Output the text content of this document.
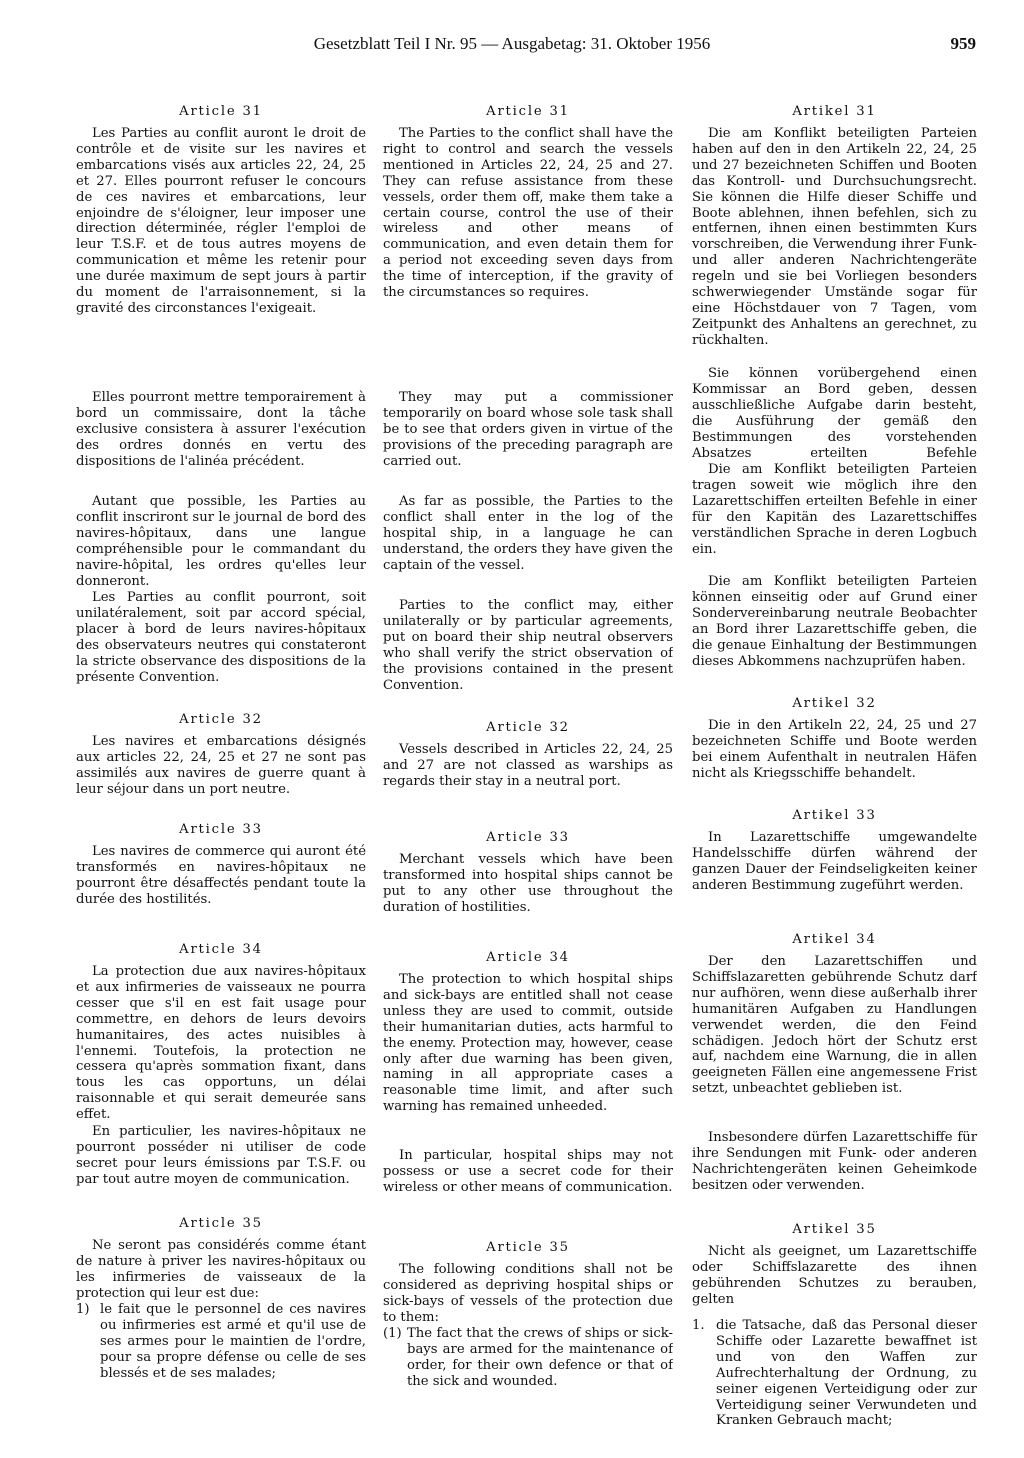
Gesetzblatt Teil I Nr. 95 — Ausgabetag: 31. Oktober 1956	959
Article 31
Les Parties au conflit auront le droit de contrôle et de visite sur les navires et embarcations visés aux articles 22, 24, 25 et 27. Elles pourront refuser le concours de ces navires et embarcations, leur enjoindre de s'éloigner, leur imposer une direction déterminée, régler l'emploi de leur T.S.F. et de tous autres moyens de communication et même les retenir pour une durée maximum de sept jours à partir du moment de l'arraisonnement, si la gravité des circonstances l'exigeait.
Elles pourront mettre temporairement à bord un commissaire, dont la tâche exclusive consistera à assurer l'exécution des ordres donnés en vertu des dispositions de l'alinéa précédent.
Autant que possible, les Parties au conflit inscriront sur le journal de bord des navires-hôpitaux, dans une langue compréhensible pour le commandant du navire-hôpital, les ordres qu'elles leur donneront.
Les Parties au conflit pourront, soit unilatéralement, soit par accord spécial, placer à bord de leurs navires-hôpitaux des observateurs neutres qui constateront la stricte observance des dispositions de la présente Convention.
Article 32
Les navires et embarcations désignés aux articles 22, 24, 25 et 27 ne sont pas assimilés aux navires de guerre quant à leur séjour dans un port neutre.
Article 33
Les navires de commerce qui auront été transformés en navires-hôpitaux ne pourront être désaffectés pendant toute la durée des hostilités.
Article 34
La protection due aux navires-hôpitaux et aux infirmeries de vaisseaux ne pourra cesser que s'il en est fait usage pour commettre, en dehors de leurs devoirs humanitaires, des actes nuisibles à l'ennemi. Toutefois, la protection ne cessera qu'après sommation fixant, dans tous les cas opportuns, un délai raisonnable et qui serait demeurée sans effet.
En particulier, les navires-hôpitaux ne pourront posséder ni utiliser de code secret pour leurs émissions par T.S.F. ou par tout autre moyen de communication.
Article 35
Ne seront pas considérés comme étant de nature à priver les navires-hôpitaux ou les infirmeries de vaisseaux de la protection qui leur est due:
1) le fait que le personnel de ces navires ou infirmeries est armé et qu'il use de ses armes pour le maintien de l'ordre, pour sa propre défense ou celle de ses blessés et de ses malades;
Article 31
The Parties to the conflict shall have the right to control and search the vessels mentioned in Articles 22, 24, 25 and 27. They can refuse assistance from these vessels, order them off, make them take a certain course, control the use of their wireless and other means of communication, and even detain them for a period not exceeding seven days from the time of interception, if the gravity of the circumstances so requires.
They may put a commissioner temporarily on board whose sole task shall be to see that orders given in virtue of the provisions of the preceding paragraph are carried out.
As far as possible, the Parties to the conflict shall enter in the log of the hospital ship, in a language he can understand, the orders they have given the captain of the vessel.
Parties to the conflict may, either unilaterally or by particular agreements, put on board their ship neutral observers who shall verify the strict observation of the provisions contained in the present Convention.
Article 32
Vessels described in Articles 22, 24, 25 and 27 are not classed as warships as regards their stay in a neutral port.
Article 33
Merchant vessels which have been transformed into hospital ships cannot be put to any other use throughout the duration of hostilities.
Article 34
The protection to which hospital ships and sick-bays are entitled shall not cease unless they are used to commit, outside their humanitarian duties, acts harmful to the enemy. Protection may, however, cease only after due warning has been given, naming in all appropriate cases a reasonable time limit, and after such warning has remained unheeded.
In particular, hospital ships may not possess or use a secret code for their wireless or other means of communication.
Article 35
The following conditions shall not be considered as depriving hospital ships or sick-bays of vessels of the protection due to them:
(1) The fact that the crews of ships or sick-bays are armed for the maintenance of order, for their own defence or that of the sick and wounded.
Artikel 31
Die am Konflikt beteiligten Parteien haben auf den in den Artikeln 22, 24, 25 und 27 bezeichneten Schiffen und Booten das Kontroll- und Durchsuchungsrecht. Sie können die Hilfe dieser Schiffe und Boote ablehnen, ihnen befehlen, sich zu entfernen, ihnen einen bestimmten Kurs vorschreiben, die Verwendung ihrer Funk- und aller anderen Nachrichtengeräte regeln und sie bei Vorliegen besonders schwerwiegender Umstände sogar für eine Höchstdauer von 7 Tagen, vom Zeitpunkt des Anhaltens an gerechnet, zu rückhalten.
Sie können vorübergehend einen Kommissar an Bord geben, dessen ausschließliche Aufgabe darin besteht, die Ausführung der gemäß den Bestimmungen des vorstehenden Absatzes erteilten Befehle
Die am Konflikt beteiligten Parteien tragen soweit wie möglich ihre den Lazarettschiffen erteilten Befehle in einer für den Kapitän des Lazarettschiffes verständlichen Sprache in deren Logbuch ein.
Die am Konflikt beteiligten Parteien können einseitig oder auf Grund einer Sondervereinbarung neutrale Beobachter an Bord ihrer Lazarettschiffe geben, die die genaue Einhaltung der Bestimmungen dieses Abkommens nachzuprüfen haben.
Artikel 32
Die in den Artikeln 22, 24, 25 und 27 bezeichneten Schiffe und Boote werden bei einem Aufenthalt in neutralen Häfen nicht als Kriegsschiffe behandelt.
Artikel 33
In Lazarettschiffe umgewandelte Handelsschiffe dürfen während der ganzen Dauer der Feindseligkeiten keiner anderen Bestimmung zugeführt werden.
Artikel 34
Der den Lazarettschiffen und Schiffslazaretten gebührende Schutz darf nur aufhören, wenn diese außerhalb ihrer humanitären Aufgaben zu Handlungen verwendet werden, die den Feind schädigen. Jedoch hört der Schutz erst auf, nachdem eine Warnung, die in allen geeigneten Fällen eine angemessene Frist setzt, unbeachtet geblieben ist.
Insbesondere dürfen Lazarettschiffe für ihre Sendungen mit Funk- oder anderen Nachrichtengeräten keinen Geheimkode besitzen oder verwenden.
Artikel 35
Nicht als geeignet, um Lazarettschiffe oder Schiffslazarette des ihnen gebührenden Schutzes zu berauben, gelten
1. die Tatsache, daß das Personal dieser Schiffe oder Lazarette bewaffnet ist und von den Waffen zur Aufrechterhaltung der Ordnung, zu seiner eigenen Verteidigung oder zur Verteidigung seiner Verwundeten und Kranken Gebrauch macht;
